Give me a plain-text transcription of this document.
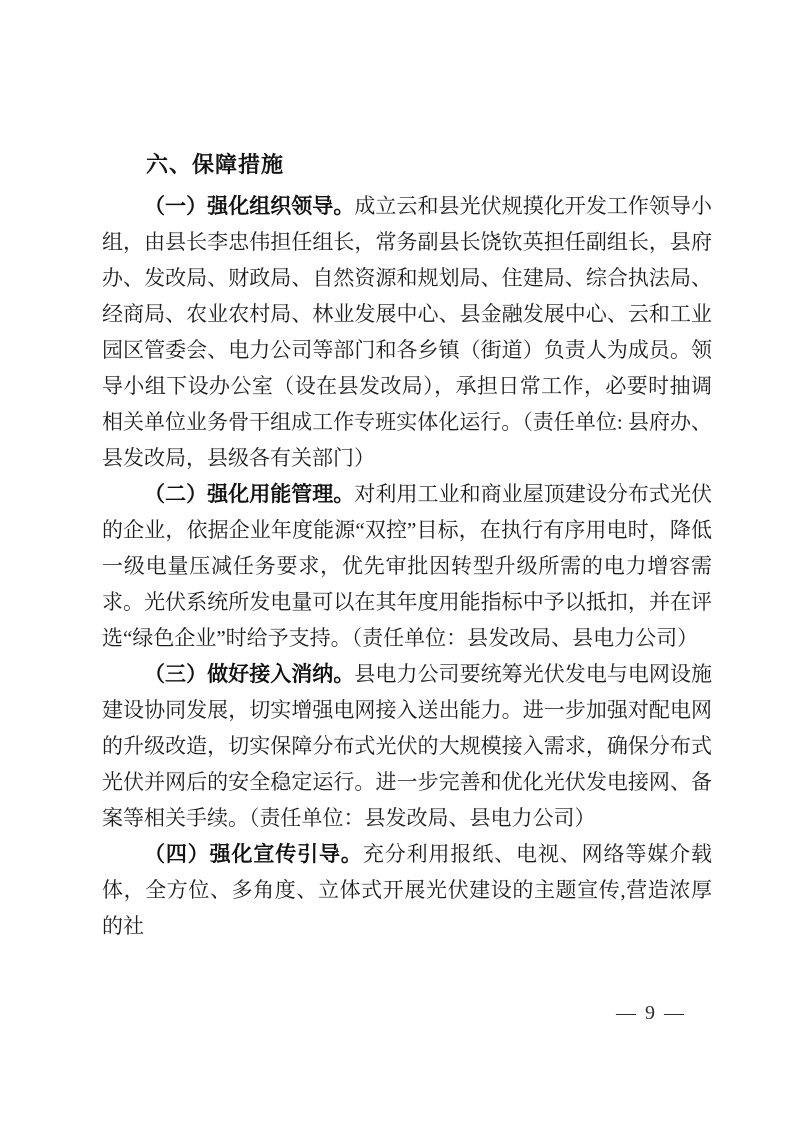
六、保障措施

（一）强化组织领导。成立云和县光伏规摸化开发工作领导小组，由县长李忠伟担任组长，常务副县长饶钦英担任副组长，县府办、发改局、财政局、自然资源和规划局、住建局、综合执法局、经商局、农业农村局、林业发展中心、县金融发展中心、云和工业园区管委会、电力公司等部门和各乡镇（街道）负责人为成员。领导小组下设办公室（设在县发改局），承担日常工作，必要时抽调相关单位业务骨干组成工作专班实体化运行。（责任单位: 县府办、县发改局，县级各有关部门）

（二）强化用能管理。对利用工业和商业屋顶建设分布式光伏的企业，依据企业年度能源“双控”目标，在执行有序用电时，降低一级电量压减任务要求，优先审批因转型升级所需的电力增容需求。光伏系统所发电量可以在其年度用能指标中予以抵扣，并在评选“绿色企业”时给予支持。（责任单位：县发改局、县电力公司）

（三）做好接入消纳。县电力公司要统筹光伏发电与电网设施建设协同发展，切实增强电网接入送出能力。进一步加强对配电网的升级改造，切实保障分布式光伏的大规模接入需求，确保分布式光伏并网后的安全稳定运行。进一步完善和优化光伏发电接网、备案等相关手续。（责任单位：县发改局、县电力公司）

（四）强化宣传引导。充分利用报纸、电视、网络等媒介载体，全方位、多角度、立体式开展光伏建设的主题宣传,营造浓厚的社

— 9 —
